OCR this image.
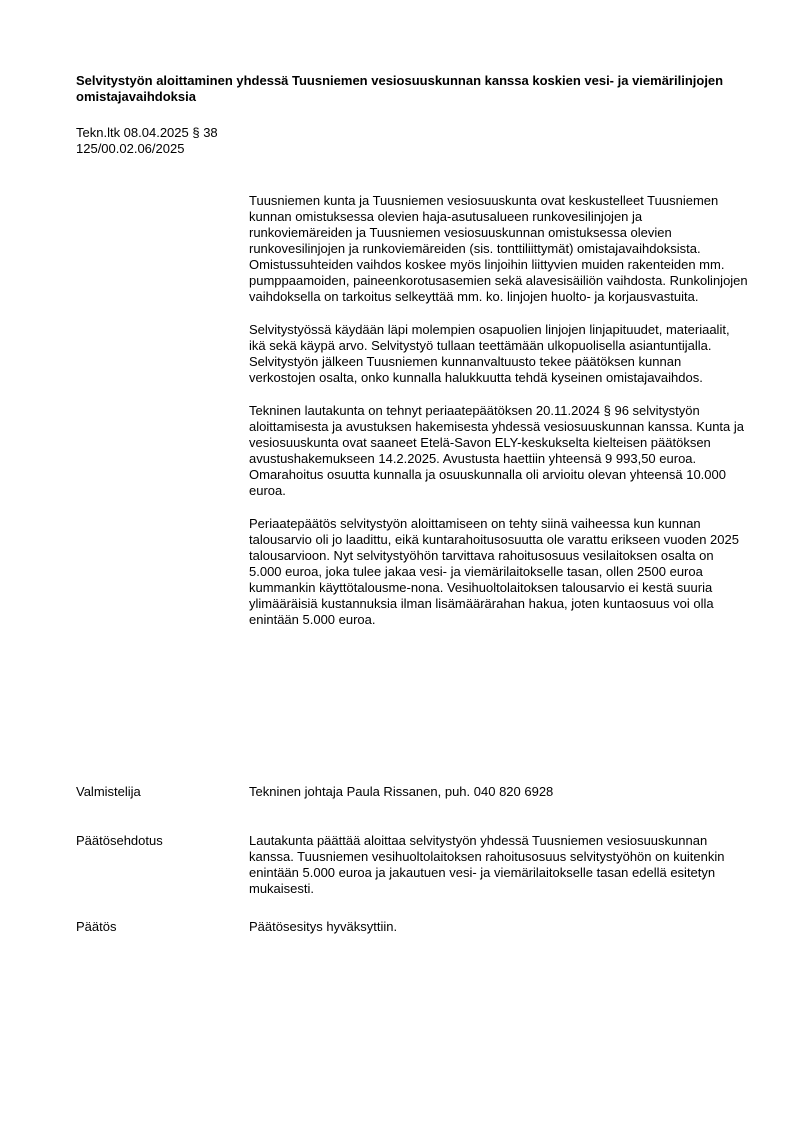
Selvitystyön aloittaminen yhdessä Tuusniemen vesiosuuskunnan kanssa koskien vesi- ja viemärilinjojen omistajavaihdoksia
Tekn.ltk 08.04.2025 § 38
125/00.02.06/2025

Tuusniemen kunta ja Tuusniemen vesiosuuskunta ovat keskustelleet Tuusniemen kunnan omistuksessa olevien haja-asutusalueen runkovesilinjojen ja runkoviemäreiden ja Tuusniemen vesiosuuskunnan omistuksessa olevien runkovesilinjojen ja runkoviemäreiden (sis. tonttiliittymät) omistajavaihdoksista. Omistussuhteiden vaihdos koskee myös linjoihin liittyvien muiden rakenteiden mm. pumppaamoiden, paineenkorotusasemien sekä alavesisäiliön vaihdosta. Runkolinjojen vaihdoksella on tarkoitus selkeyttää mm. ko. linjojen huolto- ja korjausvastuita.

Selvitystyössä käydään läpi molempien osapuolien linjojen linjapituudet, materiaalit, ikä sekä käypä arvo. Selvitystyö tullaan teettämään ulkopuolisella asiantuntijalla. Selvitystyön jälkeen Tuusniemen kunnanvaltuusto tekee päätöksen kunnan verkostojen osalta, onko kunnalla halukkuutta tehdä kyseinen omistajavaihdos.

Tekninen lautakunta on tehnyt periaatepäätöksen 20.11.2024 § 96 selvitystyön aloittamisesta ja avustuksen hakemisesta yhdessä vesiosuuskunnan kanssa. Kunta ja vesiosuuskunta ovat saaneet Etelä-Savon ELY-keskukselta kielteisen päätöksen avustushakemukseen 14.2.2025. Avustusta haettiin yhteensä 9 993,50 euroa. Omarahoitus osuutta kunnalla ja osuuskunnalla oli arvioitu olevan yhteensä 10.000 euroa.

Periaatepäätös selvitystyön aloittamiseen on tehty siinä vaiheessa kun kunnan talousarvio oli jo laadittu, eikä kuntarahoitusosuutta ole varattu erikseen vuoden 2025 talousarvioon. Nyt selvitystyöhön tarvittava rahoitusosuus vesilaitoksen osalta on 5.000 euroa, joka tulee jakaa vesi- ja viemärilaitokselle tasan, ollen 2500 euroa kummankin käyttötalousme-nona. Vesihuoltolaitoksen talousarvio ei kestä suuria ylimääräisiä kustannuksia ilman lisämäärärahan hakua, joten kuntaosuus voi olla enintään 5.000 euroa.

Valmistelija	Tekninen johtaja Paula Rissanen, puh. 040 820 6928
Päätösehdotus	Lautakunta päättää aloittaa selvitystyön yhdessä Tuusniemen vesiosuuskunnan kanssa. Tuusniemen vesihuoltolaitoksen rahoitusosuus selvitystyöhön on kuitenkin enintään 5.000 euroa ja jakautuen vesi- ja viemärilaitokselle tasan edellä esitetyn mukaisesti.
Päätös	Päätösesitys hyväksyttiin.
